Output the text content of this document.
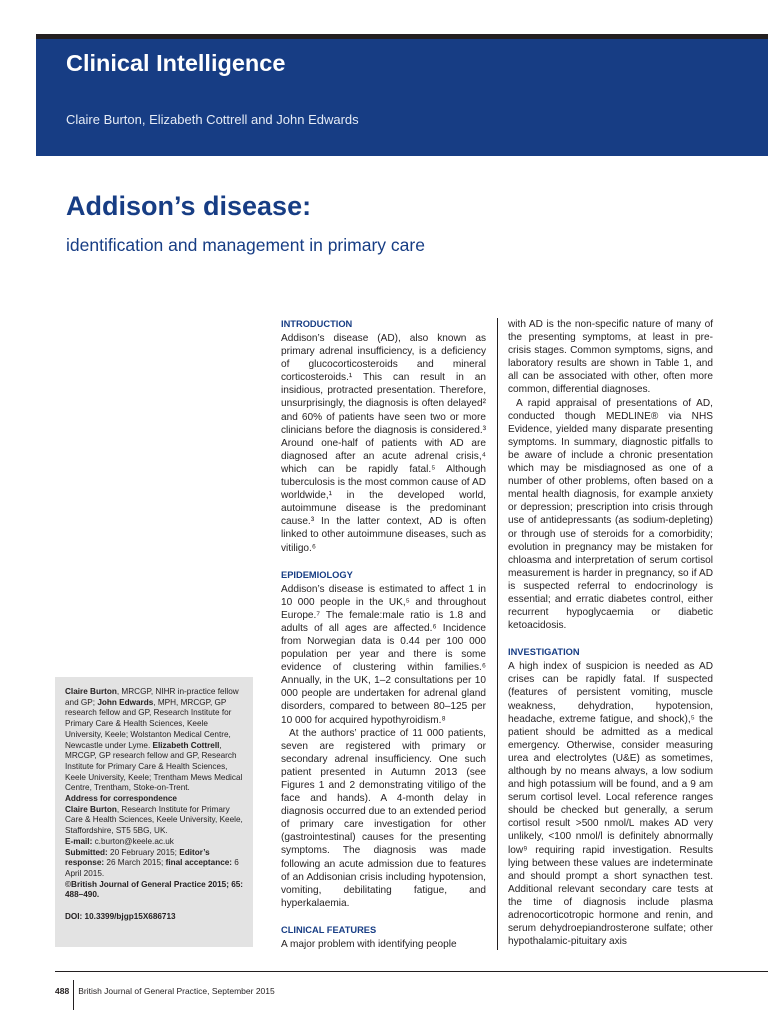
Clinical Intelligence
Claire Burton, Elizabeth Cottrell and John Edwards
Addison’s disease:
identification and management in primary care
INTRODUCTION

Addison’s disease (AD), also known as primary adrenal insufficiency, is a deficiency of glucocorticosteroids and mineral corticosteroids.¹ This can result in an insidious, protracted presentation. Therefore, unsurprisingly, the diagnosis is often delayed² and 60% of patients have seen two or more clinicians before the diagnosis is considered.³ Around one-half of patients with AD are diagnosed after an acute adrenal crisis,⁴ which can be rapidly fatal.⁵ Although tuberculosis is the most common cause of AD worldwide,¹ in the developed world, autoimmune disease is the predominant cause.³ In the latter context, AD is often linked to other autoimmune diseases, such as vitiligo.⁶

EPIDEMIOLOGY

Addison’s disease is estimated to affect 1 in 10 000 people in the UK,⁵ and throughout Europe.⁷ The female:male ratio is 1.8 and adults of all ages are affected.⁶ Incidence from Norwegian data is 0.44 per 100 000 population per year and there is some evidence of clustering within families.⁶ Annually, in the UK, 1–2 consultations per 10 000 people are undertaken for adrenal gland disorders, compared to between 80–125 per 10 000 for acquired hypothyroidism.⁸

At the authors’ practice of 11 000 patients, seven are registered with primary or secondary adrenal insufficiency. One such patient presented in Autumn 2013 (see Figures 1 and 2 demonstrating vitiligo of the face and hands). A 4-month delay in diagnosis occurred due to an extended period of primary care investigation for other (gastrointestinal) causes for the presenting symptoms. The diagnosis was made following an acute admission due to features of an Addisonian crisis including hypotension, vomiting, debilitating fatigue, and hyperkalaemia.

CLINICAL FEATURES

A major problem with identifying people

with AD is the non-specific nature of many of the presenting symptoms, at least in pre-crisis stages. Common symptoms, signs, and laboratory results are shown in Table 1, and all can be associated with other, often more common, differential diagnoses.

A rapid appraisal of presentations of AD, conducted though MEDLINE® via NHS Evidence, yielded many disparate presenting symptoms. In summary, diagnostic pitfalls to be aware of include a chronic presentation which may be misdiagnosed as one of a number of other problems, often based on a mental health diagnosis, for example anxiety or depression; prescription into crisis through use of antidepressants (as sodium-depleting) or through use of steroids for a comorbidity; evolution in pregnancy may be mistaken for chloasma and interpretation of serum cortisol measurement is harder in pregnancy, so if AD is suspected referral to endocrinology is essential; and erratic diabetes control, either recurrent hypoglycaemia or diabetic ketoacidosis.

INVESTIGATION

A high index of suspicion is needed as AD crises can be rapidly fatal. If suspected (features of persistent vomiting, muscle weakness, dehydration, hypotension, headache, extreme fatigue, and shock),⁵ the patient should be admitted as a medical emergency. Otherwise, consider measuring urea and electrolytes (U&E) as sometimes, although by no means always, a low sodium and high potassium will be found, and a 9 am serum cortisol level. Local reference ranges should be checked but generally, a serum cortisol result >500 nmol/L makes AD very unlikely, <100 nmol/l is definitely abnormally low⁹ requiring rapid investigation. Results lying between these values are indeterminate and should prompt a short synacthen test. Additional relevant secondary care tests at the time of diagnosis include plasma adrenocorticotropic hormone and renin, and serum dehydroepiandrosterone sulfate; other hypothalamic-pituitary axis

Claire Burton, MRCGP, NIHR in-practice fellow and GP; John Edwards, MPH, MRCGP, GP research fellow and GP, Research Institute for Primary Care & Health Sciences, Keele University, Keele; Wolstanton Medical Centre, Newcastle under Lyme. Elizabeth Cottrell, MRCGP, GP research fellow and GP, Research Institute for Primary Care & Health Sciences, Keele University, Keele; Trentham Mews Medical Centre, Trentham, Stoke-on-Trent.

Address for correspondence

Claire Burton, Research Institute for Primary Care & Health Sciences, Keele University, Keele, Staffordshire, ST5 5BG, UK.

E-mail: c.burton@keele.ac.uk

Submitted: 20 February 2015; Editor’s response: 26 March 2015; final acceptance: 6 April 2015.

©British Journal of General Practice 2015; 65: 488–490.

DOI: 10.3399/bjgp15X686713

488 British Journal of General Practice, September 2015
